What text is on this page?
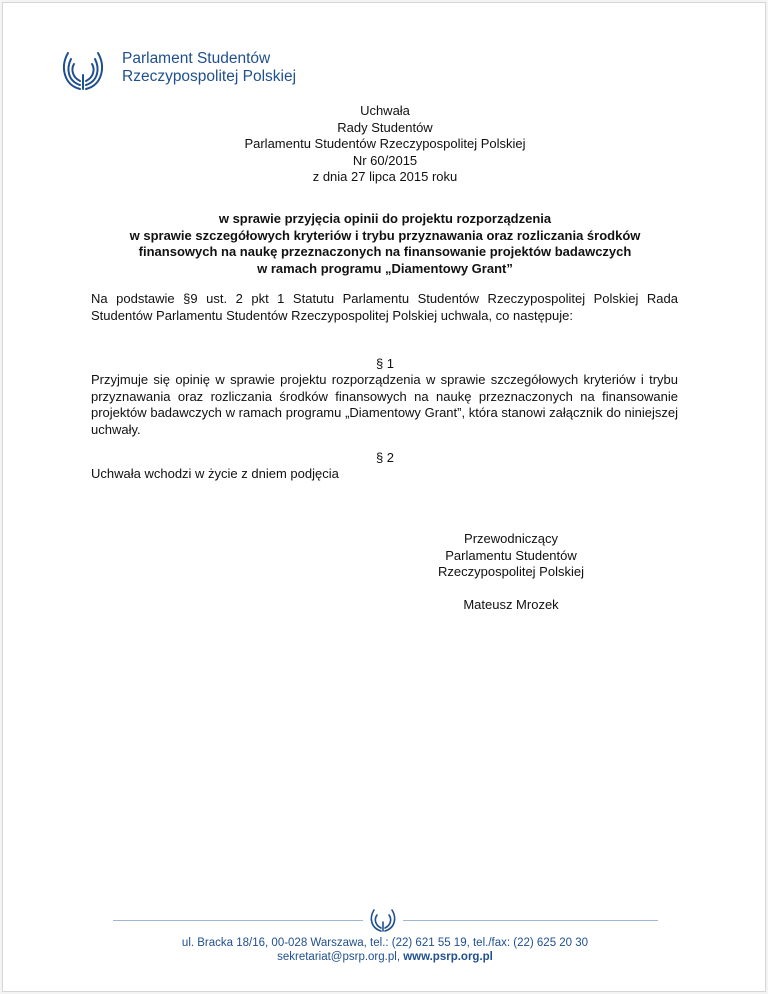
Parlament Studentów
Rzeczypospolitej Polskiej
Uchwała
Rady Studentów
Parlamentu Studentów Rzeczypospolitej Polskiej
Nr 60/2015
z dnia 27 lipca 2015 roku
w sprawie przyjęcia opinii do projektu rozporządzenia
w sprawie szczegółowych kryteriów i trybu przyznawania oraz rozliczania środków
finansowych na naukę przeznaczonych na finansowanie projektów badawczych
w ramach programu „Diamentowy Grant”
Na podstawie §9 ust. 2 pkt 1 Statutu Parlamentu Studentów Rzeczypospolitej Polskiej Rada Studentów Parlamentu Studentów Rzeczypospolitej Polskiej uchwala, co następuje:
§ 1
Przyjmuje się opinię w sprawie projektu rozporządzenia w sprawie szczegółowych kryteriów i trybu przyznawania oraz rozliczania środków finansowych na naukę przeznaczonych na finansowanie projektów badawczych w ramach programu „Diamentowy Grant”, która stanowi załącznik do niniejszej uchwały.
§ 2
Uchwała wchodzi w życie z dniem podjęcia
Przewodniczący
Parlamentu Studentów
Rzeczypospolitej Polskiej
Mateusz Mrozek
ul. Bracka 18/16, 00-028 Warszawa, tel.: (22) 621 55 19, tel./fax: (22) 625 20 30
sekretariat@psrp.org.pl, www.psrp.org.pl
